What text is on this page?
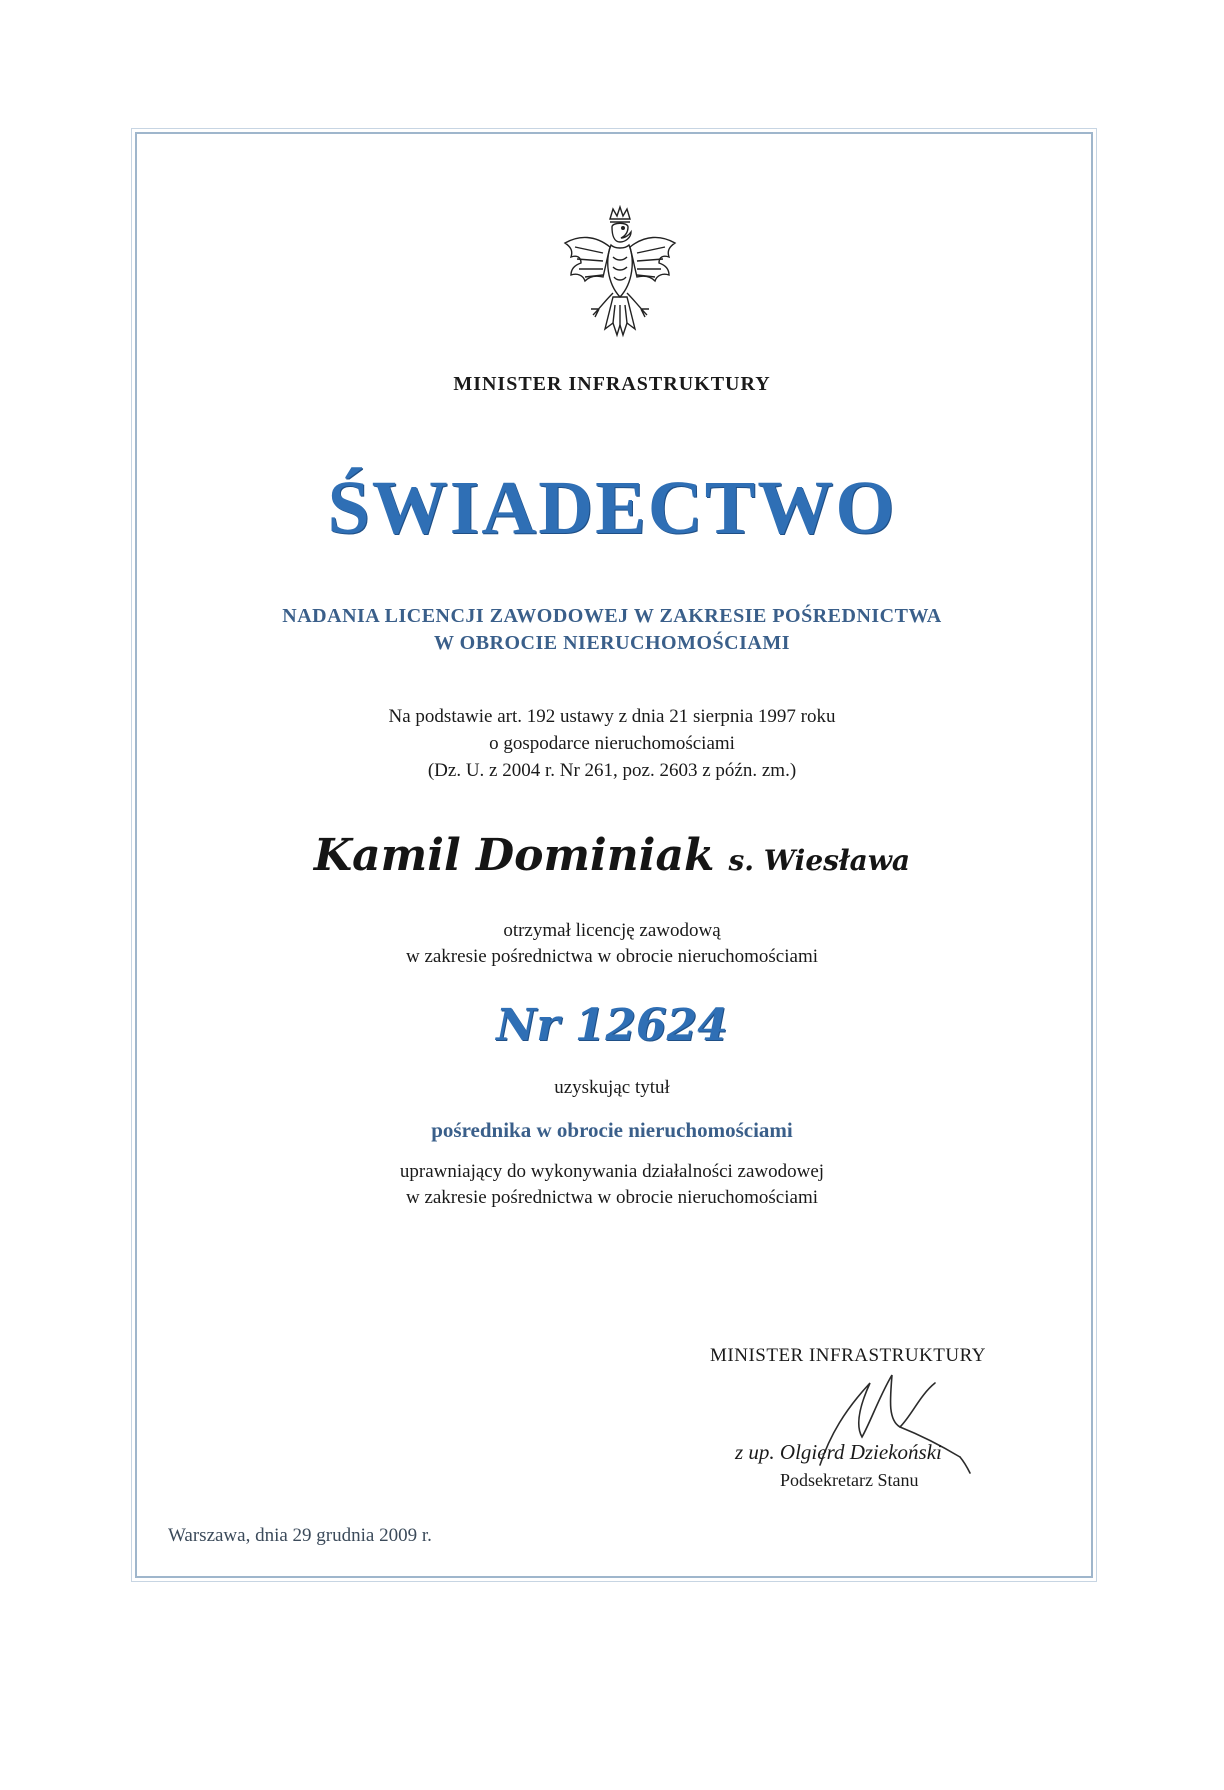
MINISTER INFRASTRUKTURY
ŚWIADECTWO
NADANIA LICENCJI ZAWODOWEJ W ZAKRESIE POŚREDNICTWA
W OBROCIE NIERUCHOMOŚCIAMI
Na podstawie art. 192 ustawy z dnia 21 sierpnia 1997 roku
o gospodarce nieruchomościami
(Dz. U. z 2004 r. Nr 261, poz. 2603 z późn. zm.)
Kamil Dominiak s. Wiesława
otrzymał licencję zawodową
w zakresie pośrednictwa w obrocie nieruchomościami
Nr 12624
uzyskując tytuł
pośrednika w obrocie nieruchomościami
uprawniający do wykonywania działalności zawodowej
w zakresie pośrednictwa w obrocie nieruchomościami
MINISTER INFRASTRUKTURY
z up. Olgierd Dziekoński
Podsekretarz Stanu
Warszawa, dnia 29 grudnia 2009 r.
